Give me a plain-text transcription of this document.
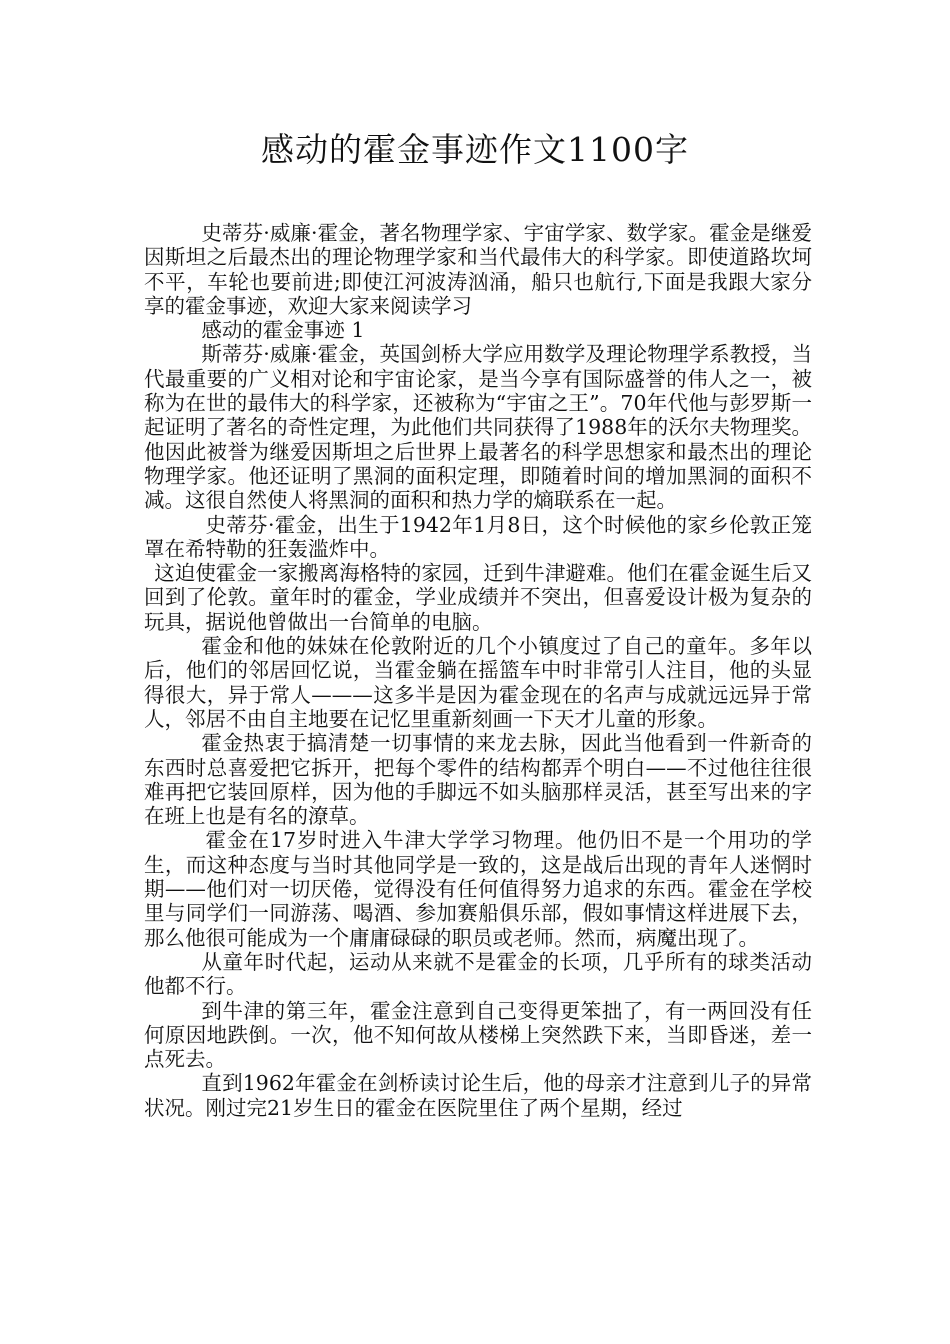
感动的霍金事迹作文1100字

史蒂芬·威廉·霍金，著名物理学家、宇宙学家、数学家。霍金是继爱因斯坦之后最杰出的理论物理学家和当代最伟大的科学家。即使道路坎坷不平，车轮也要前进;即使江河波涛汹涌，船只也航行,下面是我跟大家分享的霍金事迹，欢迎大家来阅读学习

感动的霍金事迹 1

斯蒂芬·威廉·霍金，英国剑桥大学应用数学及理论物理学系教授，当代最重要的广义相对论和宇宙论家，是当今享有国际盛誉的伟人之一，被称为在世的最伟大的科学家，还被称为“宇宙之王”。70年代他与彭罗斯一起证明了著名的奇性定理，为此他们共同获得了1988年的沃尔夫物理奖。他因此被誉为继爱因斯坦之后世界上最著名的科学思想家和最杰出的理论物理学家。他还证明了黑洞的面积定理，即随着时间的增加黑洞的面积不减。这很自然使人将黑洞的面积和热力学的熵联系在一起。

史蒂芬·霍金，出生于1942年1月8日，这个时候他的家乡伦敦正笼罩在希特勒的狂轰滥炸中。

这迫使霍金一家搬离海格特的家园，迁到牛津避难。他们在霍金诞生后又回到了伦敦。童年时的霍金，学业成绩并不突出，但喜爱设计极为复杂的玩具，据说他曾做出一台简单的电脑。

霍金和他的妹妹在伦敦附近的几个小镇度过了自己的童年。多年以后，他们的邻居回忆说，当霍金躺在摇篮车中时非常引人注目，他的头显得很大，异于常人———这多半是因为霍金现在的名声与成就远远异于常人，邻居不由自主地要在记忆里重新刻画一下天才儿童的形象。

霍金热衷于搞清楚一切事情的来龙去脉，因此当他看到一件新奇的东西时总喜爱把它拆开，把每个零件的结构都弄个明白——不过他往往很难再把它装回原样，因为他的手脚远不如头脑那样灵活，甚至写出来的字在班上也是有名的潦草。

霍金在17岁时进入牛津大学学习物理。他仍旧不是一个用功的学生，而这种态度与当时其他同学是一致的，这是战后出现的青年人迷惘时期——他们对一切厌倦，觉得没有任何值得努力追求的东西。霍金在学校里与同学们一同游荡、喝酒、参加赛船俱乐部，假如事情这样进展下去，那么他很可能成为一个庸庸碌碌的职员或老师。然而，病魔出现了。

从童年时代起，运动从来就不是霍金的长项，几乎所有的球类活动他都不行。

到牛津的第三年，霍金注意到自己变得更笨拙了，有一两回没有任何原因地跌倒。一次，他不知何故从楼梯上突然跌下来，当即昏迷，差一点死去。

直到1962年霍金在剑桥读讨论生后，他的母亲才注意到儿子的异常状况。刚过完21岁生日的霍金在医院里住了两个星期，经过
